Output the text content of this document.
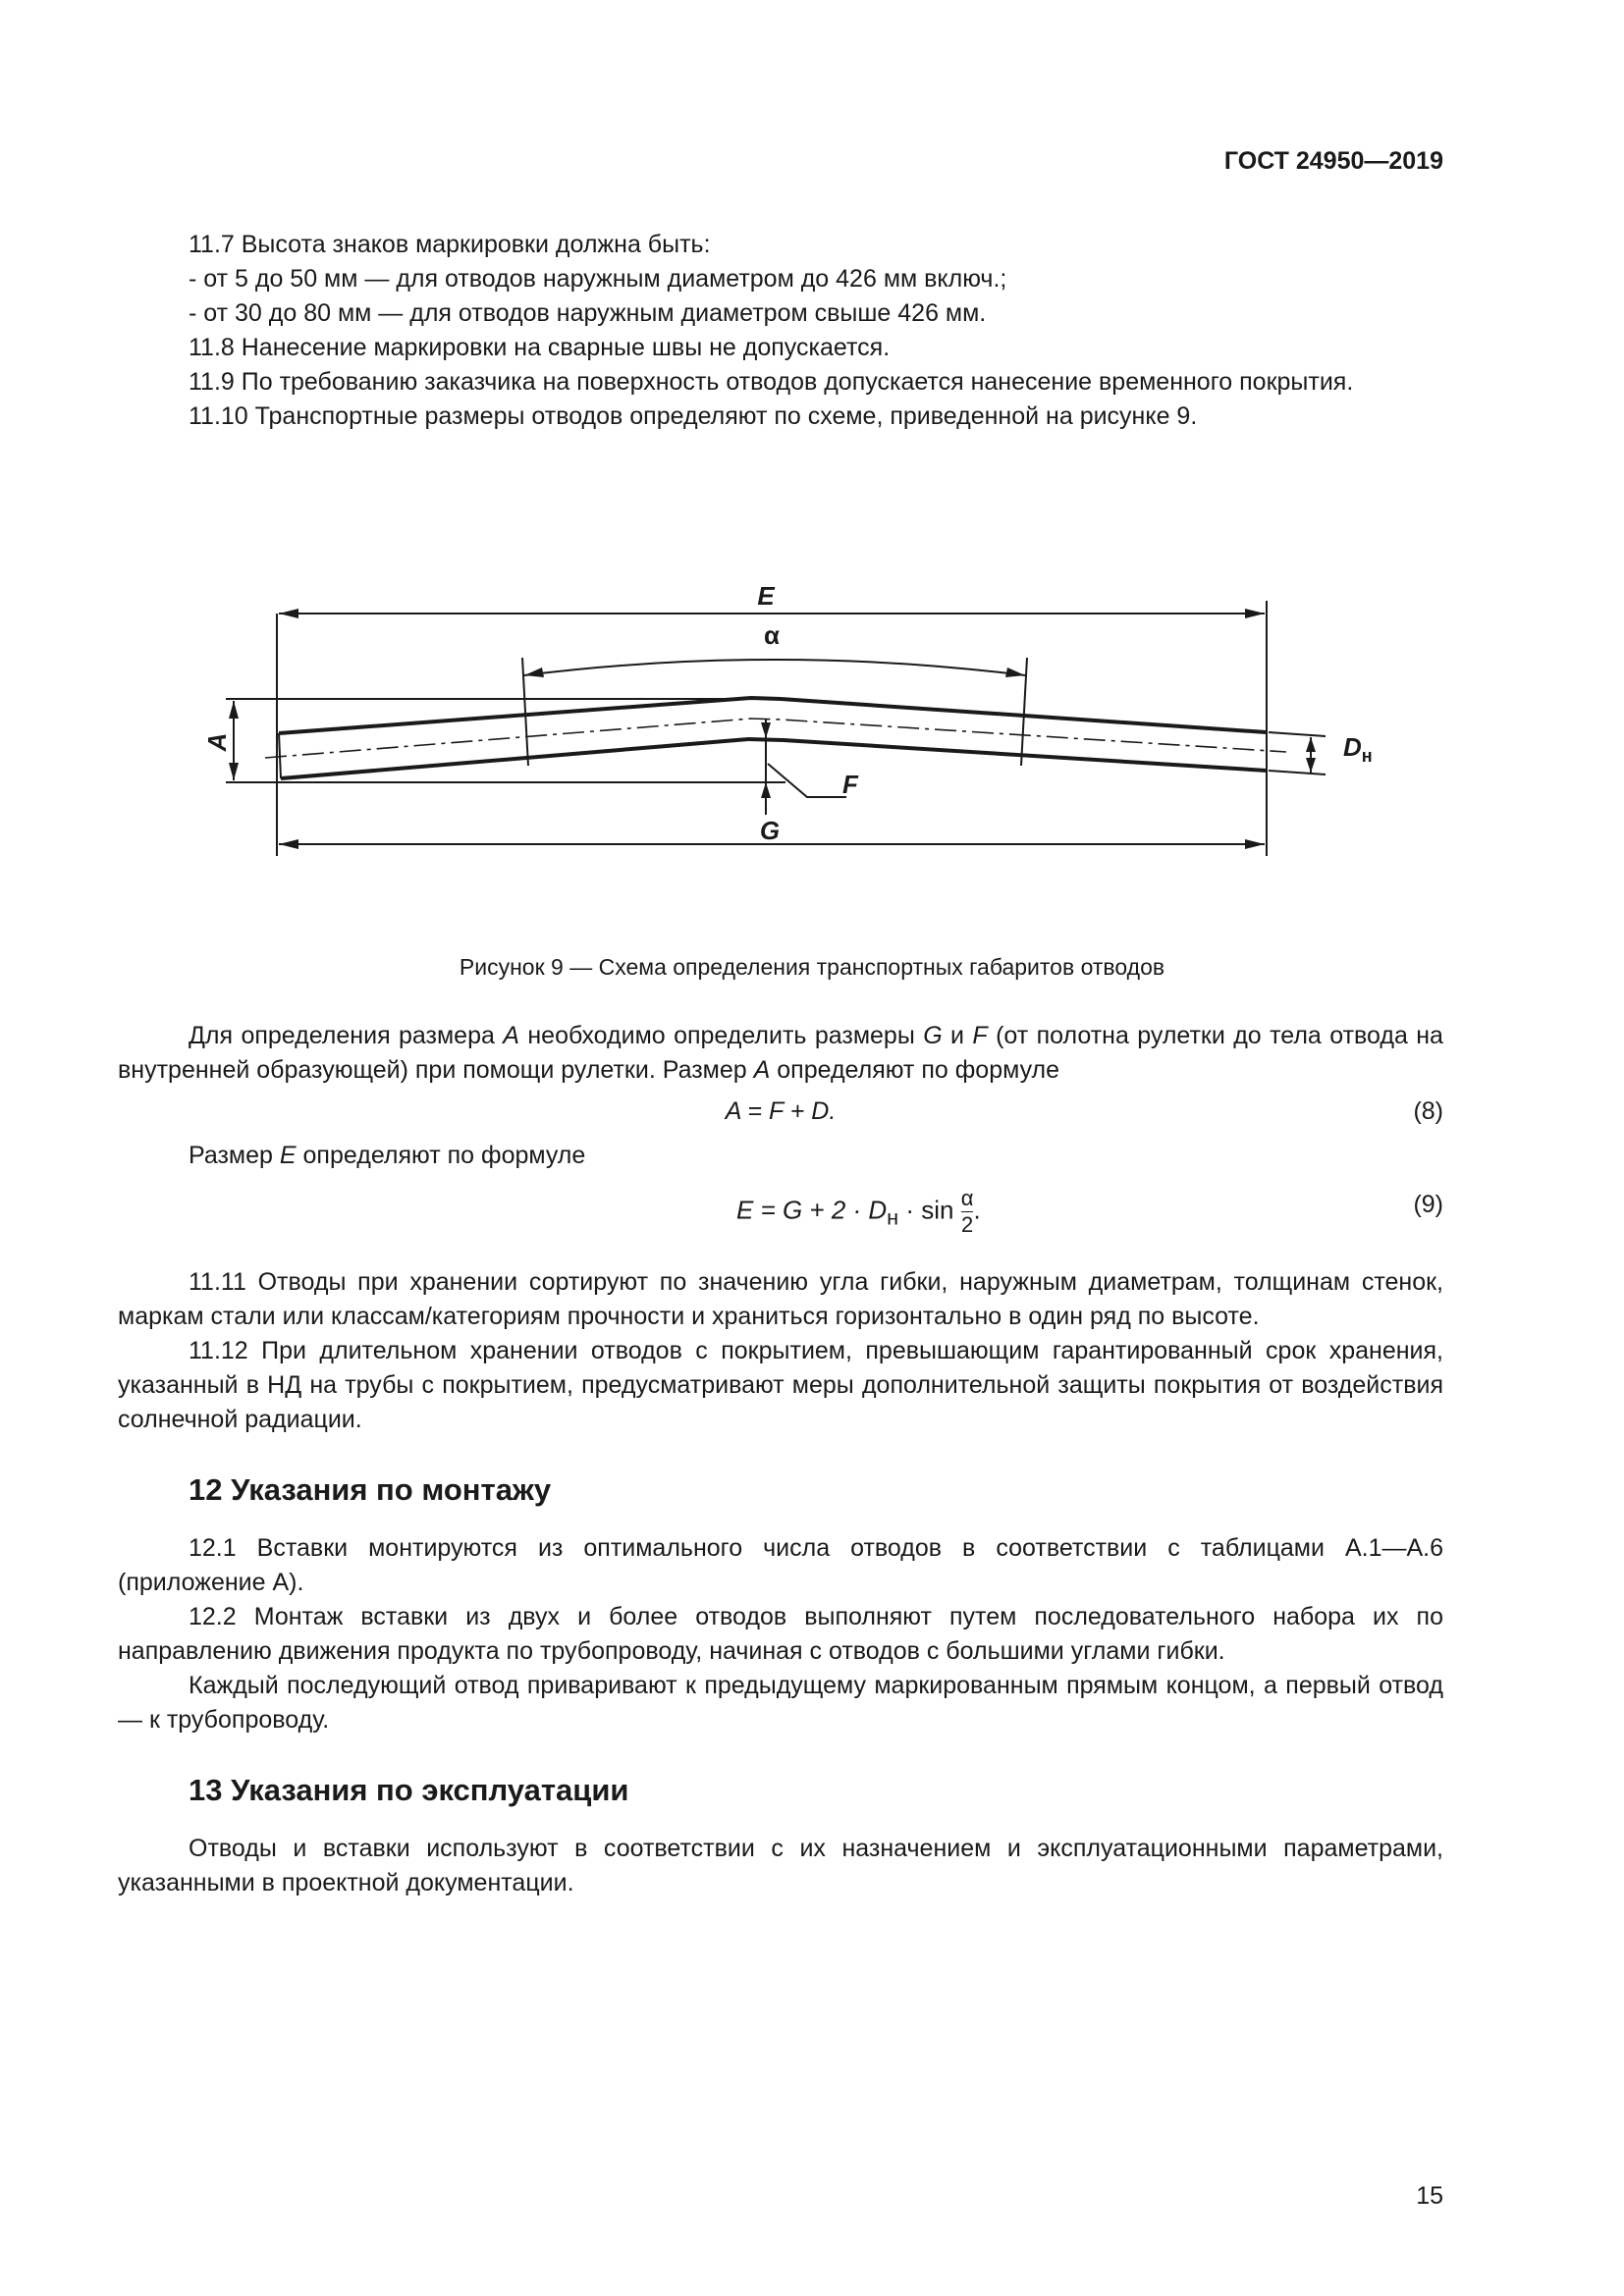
ГОСТ 24950—2019

11.7 Высота знаков маркировки должна быть:

- от 5 до 50 мм — для отводов наружным диаметром до 426 мм включ.;

- от 30 до 80 мм — для отводов наружным диаметром свыше 426 мм.

11.8 Нанесение маркировки на сварные швы не допускается.

11.9 По требованию заказчика на поверхность отводов допускается нанесение временного покрытия.

11.10 Транспортные размеры отводов определяют по схеме, приведенной на рисунке 9.

E
α
A	$D_н$
F
G
Рисунок 9 — Схема определения транспортных габаритов отводов

Для определения размера A необходимо определить размеры G и F (от полотна рулетки до тела отвода на внутренней образующей) при помощи рулетки. Размер A определяют по формуле

A = F + D.	(8)

Размер E определяют по формуле

$E = G + 2 \cdot D_н \cdot \sin \frac{\alpha}{2}$ .	(9)

11.11 Отводы при хранении сортируют по значению угла гибки, наружным диаметрам, толщинам стенок, маркам стали или классам/категориям прочности и храниться горизонтально в один ряд по высоте.

11.12 При длительном хранении отводов с покрытием, превышающим гарантированный срок хранения, указанный в НД на трубы с покрытием, предусматривают меры дополнительной защиты покрытия от воздействия солнечной радиации.

12 Указания по монтажу

12.1 Вставки монтируются из оптимального числа отводов в соответствии с таблицами А.1—А.6 (приложение А).

12.2 Монтаж вставки из двух и более отводов выполняют путем последовательного набора их по направлению движения продукта по трубопроводу, начиная с отводов с большими углами гибки.

Каждый последующий отвод приваривают к предыдущему маркированным прямым концом, а первый отвод — к трубопроводу.

13 Указания по эксплуатации

Отводы и вставки используют в соответствии с их назначением и эксплуатационными параметрами, указанными в проектной документации.

15
